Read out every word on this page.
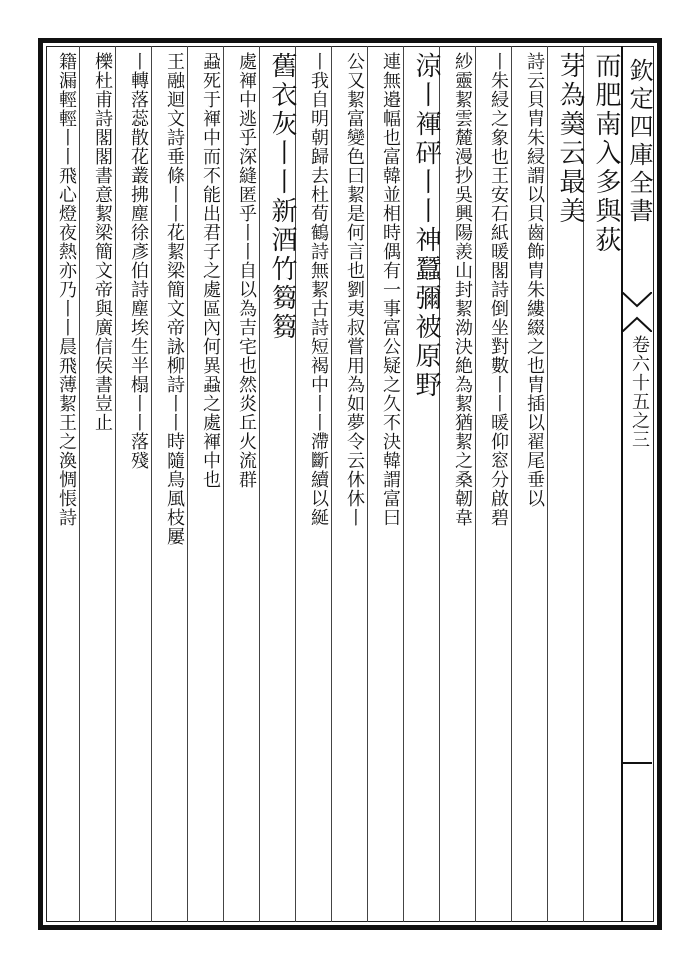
欽定四庫全書
卷六十五之三
而肥南入多與荻
芽為羮云最美
詩云貝胄朱綅謂以貝齒飾胄朱縷綴之也胄插以翟尾垂以
丨朱綅之象也王安石紙暖閣詩倒坐對數丨丨暖仰窓分啟碧
紗靈絜雲麓漫抄吳興陽羨山封絜泑決絶為絜猶絜之桑韌韋
涼丨褌砰丨丨神蠶彌被原野
連無邉幅也富韓並相時偶有一事富公疑之久不決韓謂富曰
公又絜富變色曰絜是何言也劉夷叔嘗用為如夢令云休休丨
丨我自明朝歸去杜荀鶴詩無絜古詩短褐中丨丨滯斷續以綖
舊衣灰丨丨新酒竹篘篘
處褌中逃乎深縫匿乎丨丨自以為吉宅也然炎丘火流群
蝨死于褌中而不能出君子之處區內何異蝨之處褌中也
王融迴文詩垂條丨丨花絜梁簡文帝詠柳詩丨丨時隨鳥風枝屢
丨轉落蕊散花叢拂塵徐彥伯詩塵埃生半榻丨丨落殘
櫟杜甫詩閣閣書意絜梁簡文帝與廣信侯書豈止
籍漏輕輕丨丨飛心燈夜熱亦乃丨丨晨飛薄絜王之渙惆悵詩
